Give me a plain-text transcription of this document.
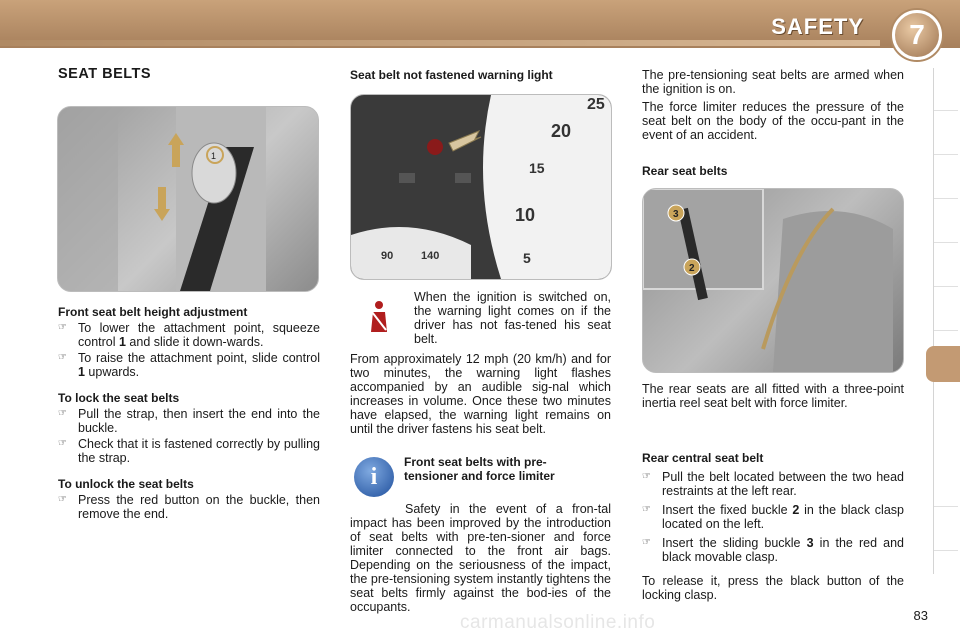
SAFETY	7
SEAT BELTS
1

Front seat belt height adjustment

☞ To lower the attachment point, squeeze control 1 and slide it down-wards.
☞ To raise the attachment point, slide control 1 upwards.

To lock the seat belts

☞ Pull the strap, then insert the end into the buckle.
☞ Check that it is fastened correctly by pulling the strap.

To unlock the seat belts

☞ Press the red button on the buckle, then remove the end.

Seat belt not fastened warning light

25
20
15
10
5
90	140

When the ignition is switched on, the warning light comes on if the driver has not fas-tened his seat belt.

From approximately 12 mph (20 km/h) and for two minutes, the warning light flashes accompanied by an audible sig-nal which increases in volume. Once these two minutes have elapsed, the warning light remains on until the driver fastens his seat belt.

i

Front seat belts with pre-tensioner and force limiter

Safety in the event of a fron-tal impact has been improved by the introduction of seat belts with pre-ten-sioner and force limiter connected to the front air bags. Depending on the seriousness of the impact, the pre-tensioning system instantly tightens the seat belts firmly against the bod-ies of the occupants.

The pre-tensioning seat belts are armed when the ignition is on.

The force limiter reduces the pressure of the seat belt on the body of the occu-pant in the event of an accident.

Rear seat belts

3
2

The rear seats are all fitted with a three-point inertia reel seat belt with force limiter.

Rear central seat belt

☞ Pull the belt located between the two head restraints at the left rear.
☞ Insert the fixed buckle 2 in the black clasp located on the left.
☞ Insert the sliding buckle 3 in the red and black movable clasp.

To release it, press the black button of the locking clasp.

carmanualsonline.info	83
